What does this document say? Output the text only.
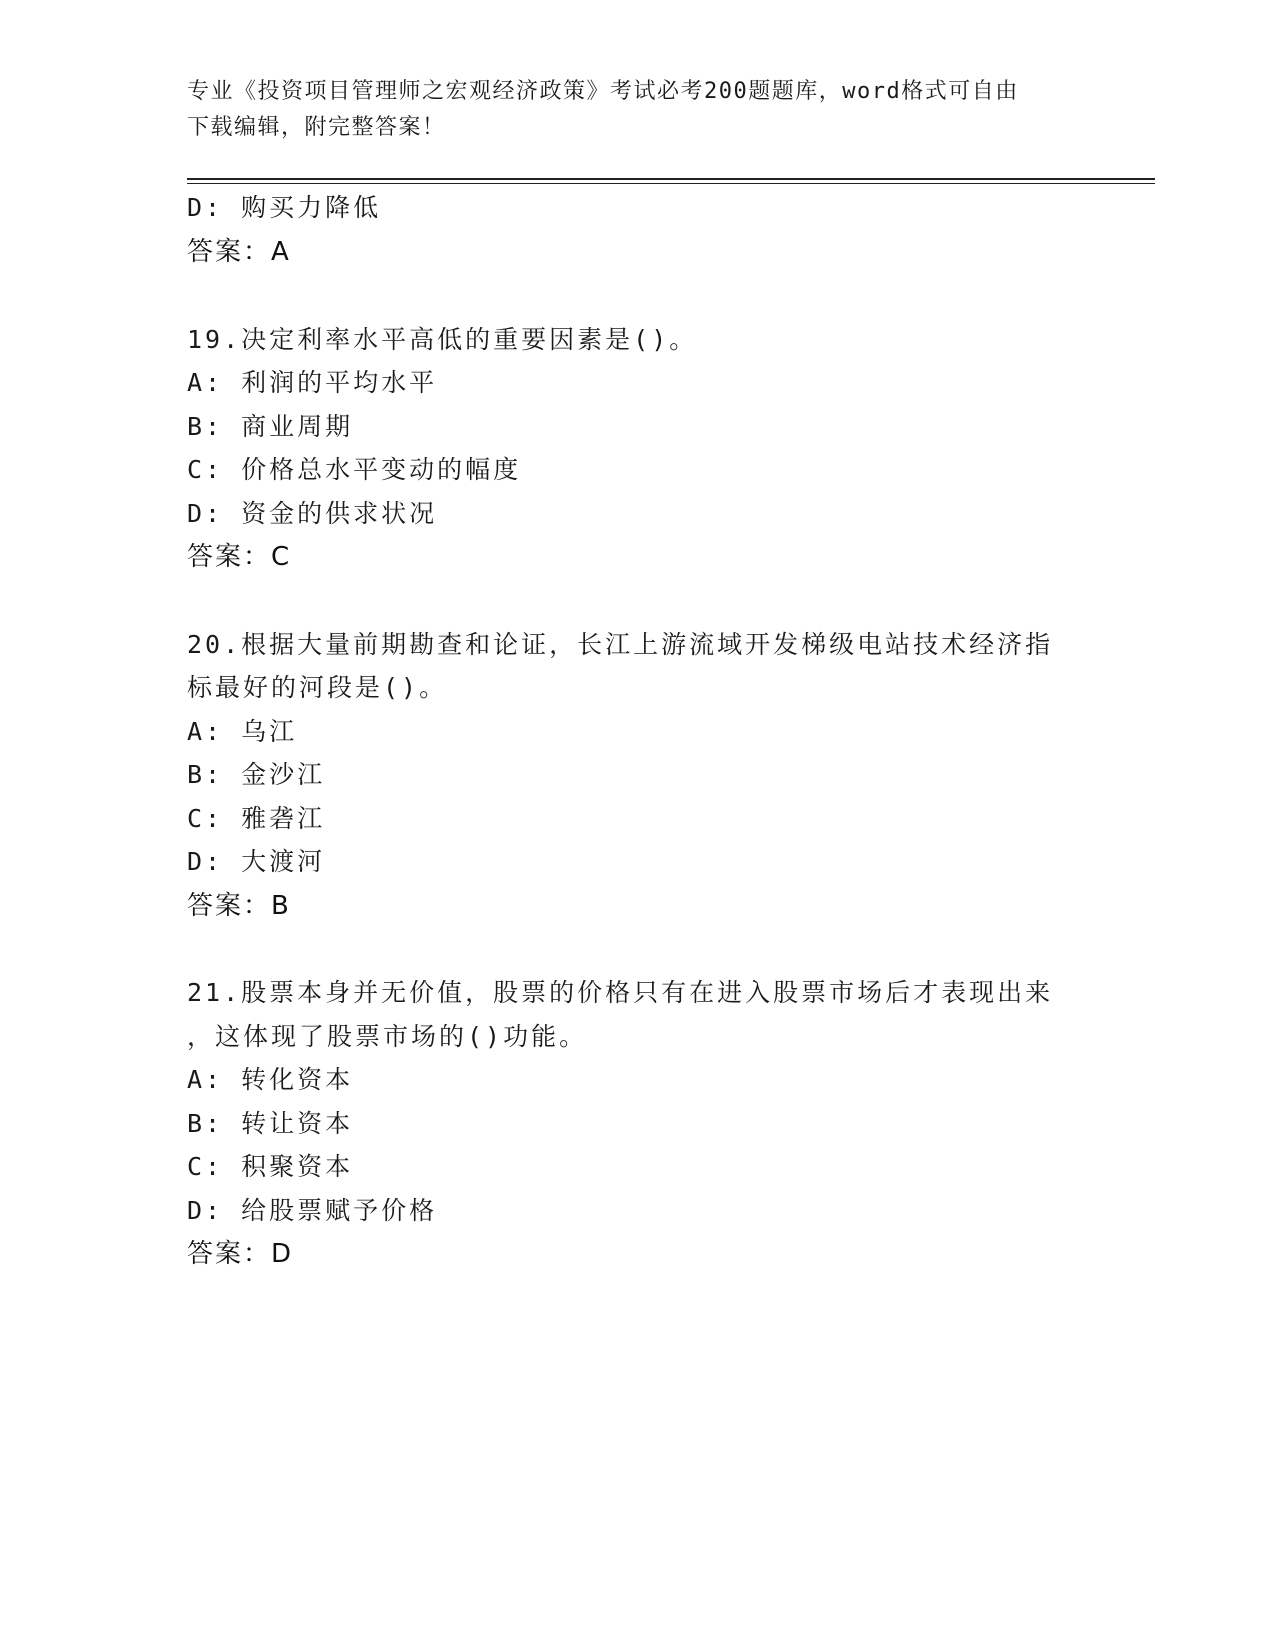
专业《投资项目管理师之宏观经济政策》考试必考200题题库，word格式可自由
下载编辑，附完整答案！
D: 购买力降低
答案：A
19.决定利率水平高低的重要因素是()。
A: 利润的平均水平
B: 商业周期
C: 价格总水平变动的幅度
D: 资金的供求状况
答案：C
20.根据大量前期勘查和论证，长江上游流域开发梯级电站技术经济指
标最好的河段是()。
A: 乌江
B: 金沙江
C: 雅砻江
D: 大渡河
答案：B
21.股票本身并无价值，股票的价格只有在进入股票市场后才表现出来
，这体现了股票市场的()功能。
A: 转化资本
B: 转让资本
C: 积聚资本
D: 给股票赋予价格
答案：D
